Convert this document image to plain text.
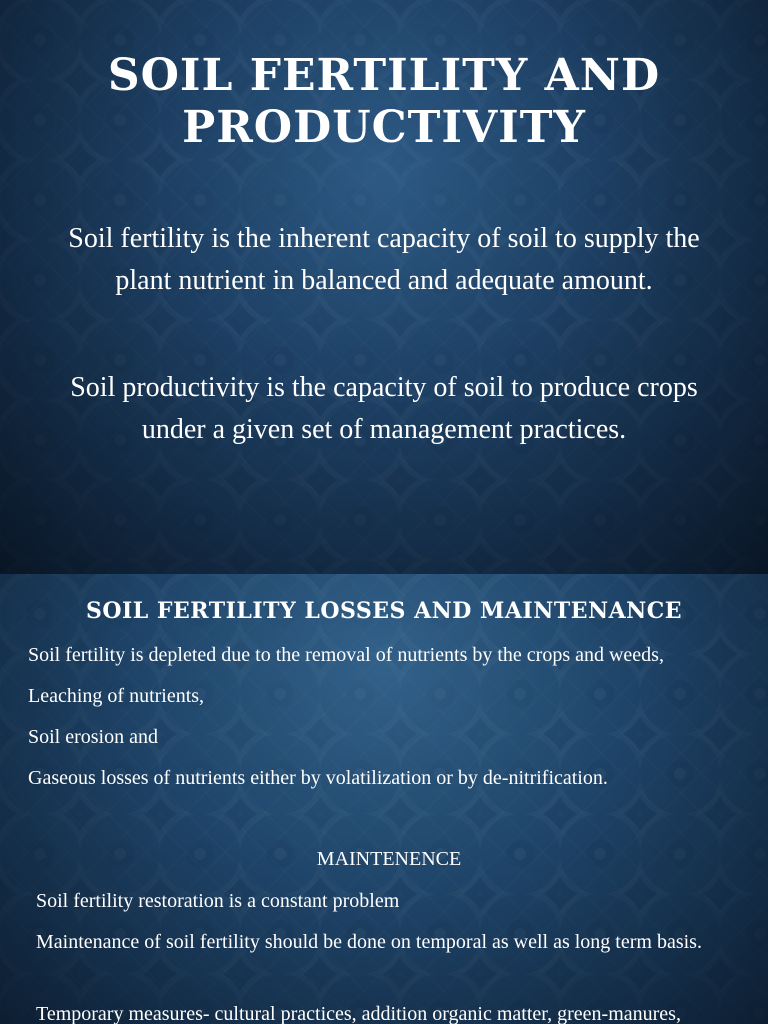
SOIL FERTILITY AND PRODUCTIVITY

Soil fertility is the inherent capacity of soil to supply the plant nutrient in balanced and adequate amount.

Soil productivity is the capacity of soil to produce crops under a given set of management practices.

SOIL FERTILITY LOSSES AND MAINTENANCE

Soil fertility is depleted due to the removal of nutrients by the crops and weeds,

Leaching of nutrients,

Soil erosion and

Gaseous losses of nutrients either by volatilization or by de-nitrification.

MAINTENENCE

Soil fertility restoration is a constant problem

Maintenance of soil fertility should be done on temporal as well as long term basis.

Temporary measures- cultural practices, addition organic matter, green-manures,
